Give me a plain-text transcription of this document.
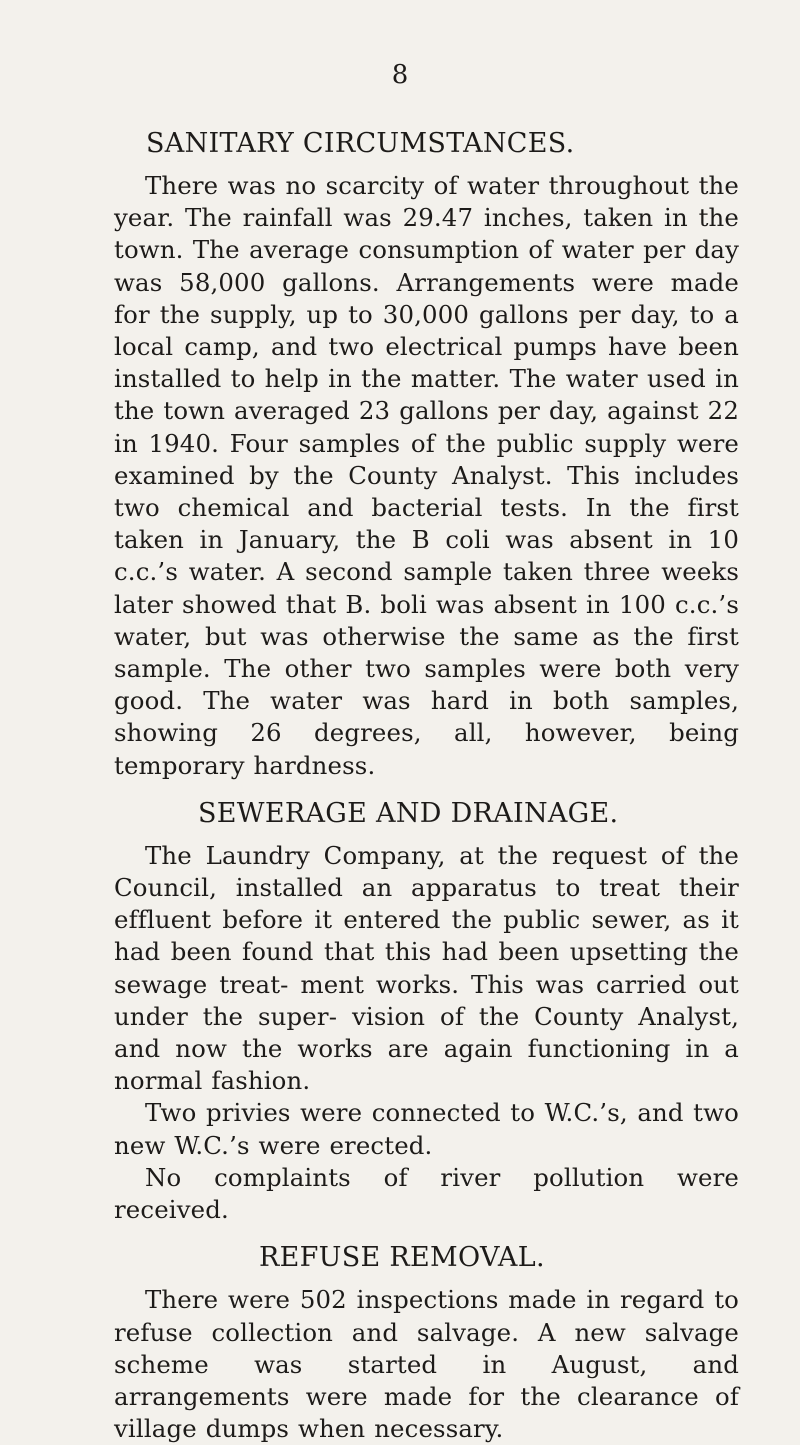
8
SANITARY CIRCUMSTANCES.

There was no scarcity of water throughout the year. The rainfall was 29.47 inches, taken in the town. The average consumption of water per day was 58,000 gallons. Arrangements were made for the supply, up to 30,000 gallons per day, to a local camp, and two electrical pumps have been installed to help in the matter. The water used in the town averaged 23 gallons per day, against 22 in 1940. Four samples of the public supply were examined by the County Analyst. This includes two chemical and bacterial tests. In the first taken in January, the B coli was absent in 10 c.c.’s water. A second sample taken three weeks later showed that B. boli was absent in 100 c.c.’s water, but was otherwise the same as the first sample. The other two samples were both very good. The water was hard in both samples, showing 26 degrees, all, however, being temporary hardness.

SEWERAGE AND DRAINAGE.

The Laundry Company, at the request of the Council, installed an apparatus to treat their effluent before it entered the public sewer, as it had been found that this had been upsetting the sewage treat- ment works. This was carried out under the super- vision of the County Analyst, and now the works are again functioning in a normal fashion.

Two privies were connected to W.C.’s, and two new W.C.’s were erected.

No complaints of river pollution were received.

REFUSE REMOVAL.

There were 502 inspections made in regard to refuse collection and salvage. A new salvage scheme was started in August, and arrangements were made for the clearance of village dumps when necessary.
